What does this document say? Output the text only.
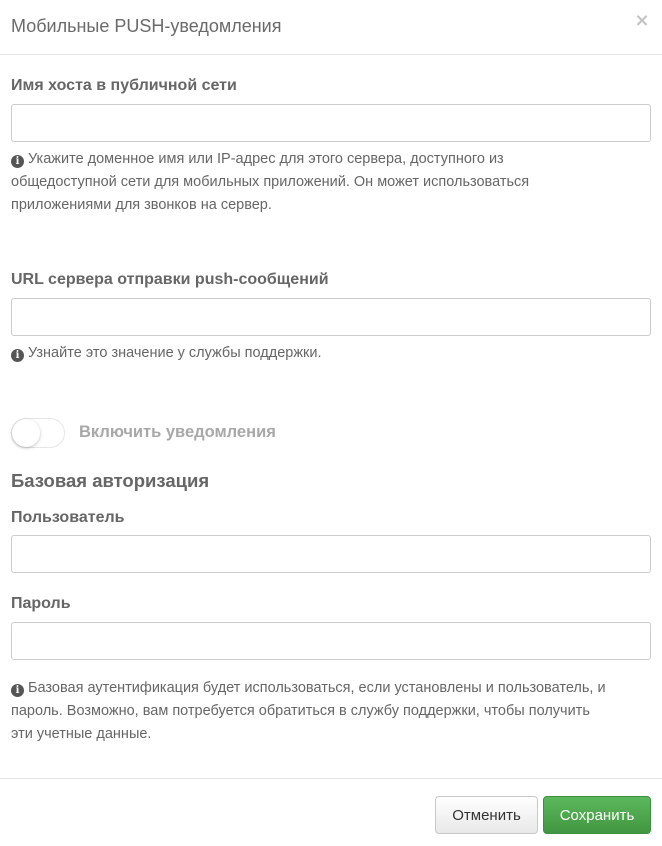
Мобильные PUSH-уведомления	×
Имя хоста в публичной сети
i Укажите доменное имя или IP-адрес для этого сервера, доступного из общедоступной сети для мобильных приложений. Он может использоваться приложениями для звонков на сервер.
URL сервера отправки push-сообщений
i Узнайте это значение у службы поддержки.
Включить уведомления
Базовая авторизация
Пользователь
Пароль
i Базовая аутентификация будет использоваться, если установлены и пользователь, и пароль. Возможно, вам потребуется обратиться в службу поддержки, чтобы получить эти учетные данные.
Отменить	Сохранить
